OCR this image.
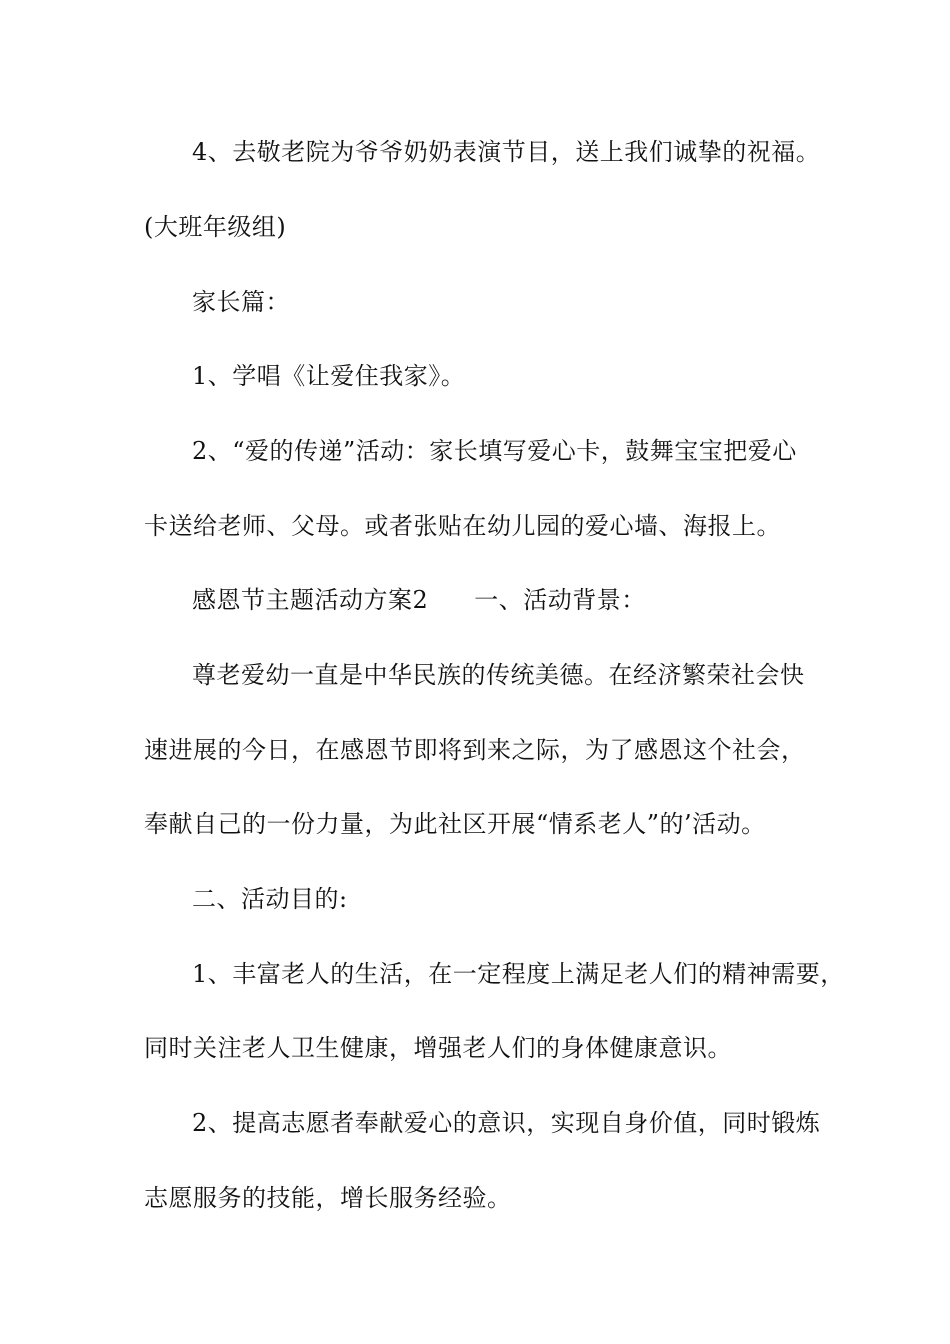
4、去敬老院为爷爷奶奶表演节目，送上我们诚挚的祝福。
(大班年级组)
家长篇：
1、学唱《让爱住我家》。
2、“爱的传递”活动：家长填写爱心卡，鼓舞宝宝把爱心
卡送给老师、父母。或者张贴在幼儿园的爱心墙、海报上。
感恩节主题活动方案2 一、活动背景：
尊老爱幼一直是中华民族的传统美德。在经济繁荣社会快
速进展的今日，在感恩节即将到来之际，为了感恩这个社会，
奉献自己的一份力量，为此社区开展“情系老人”的’活动。
二、活动目的:
1、丰富老人的生活，在一定程度上满足老人们的精神需要，
同时关注老人卫生健康，增强老人们的身体健康意识。
2、提高志愿者奉献爱心的意识，实现自身价值，同时锻炼
志愿服务的技能，增长服务经验。
